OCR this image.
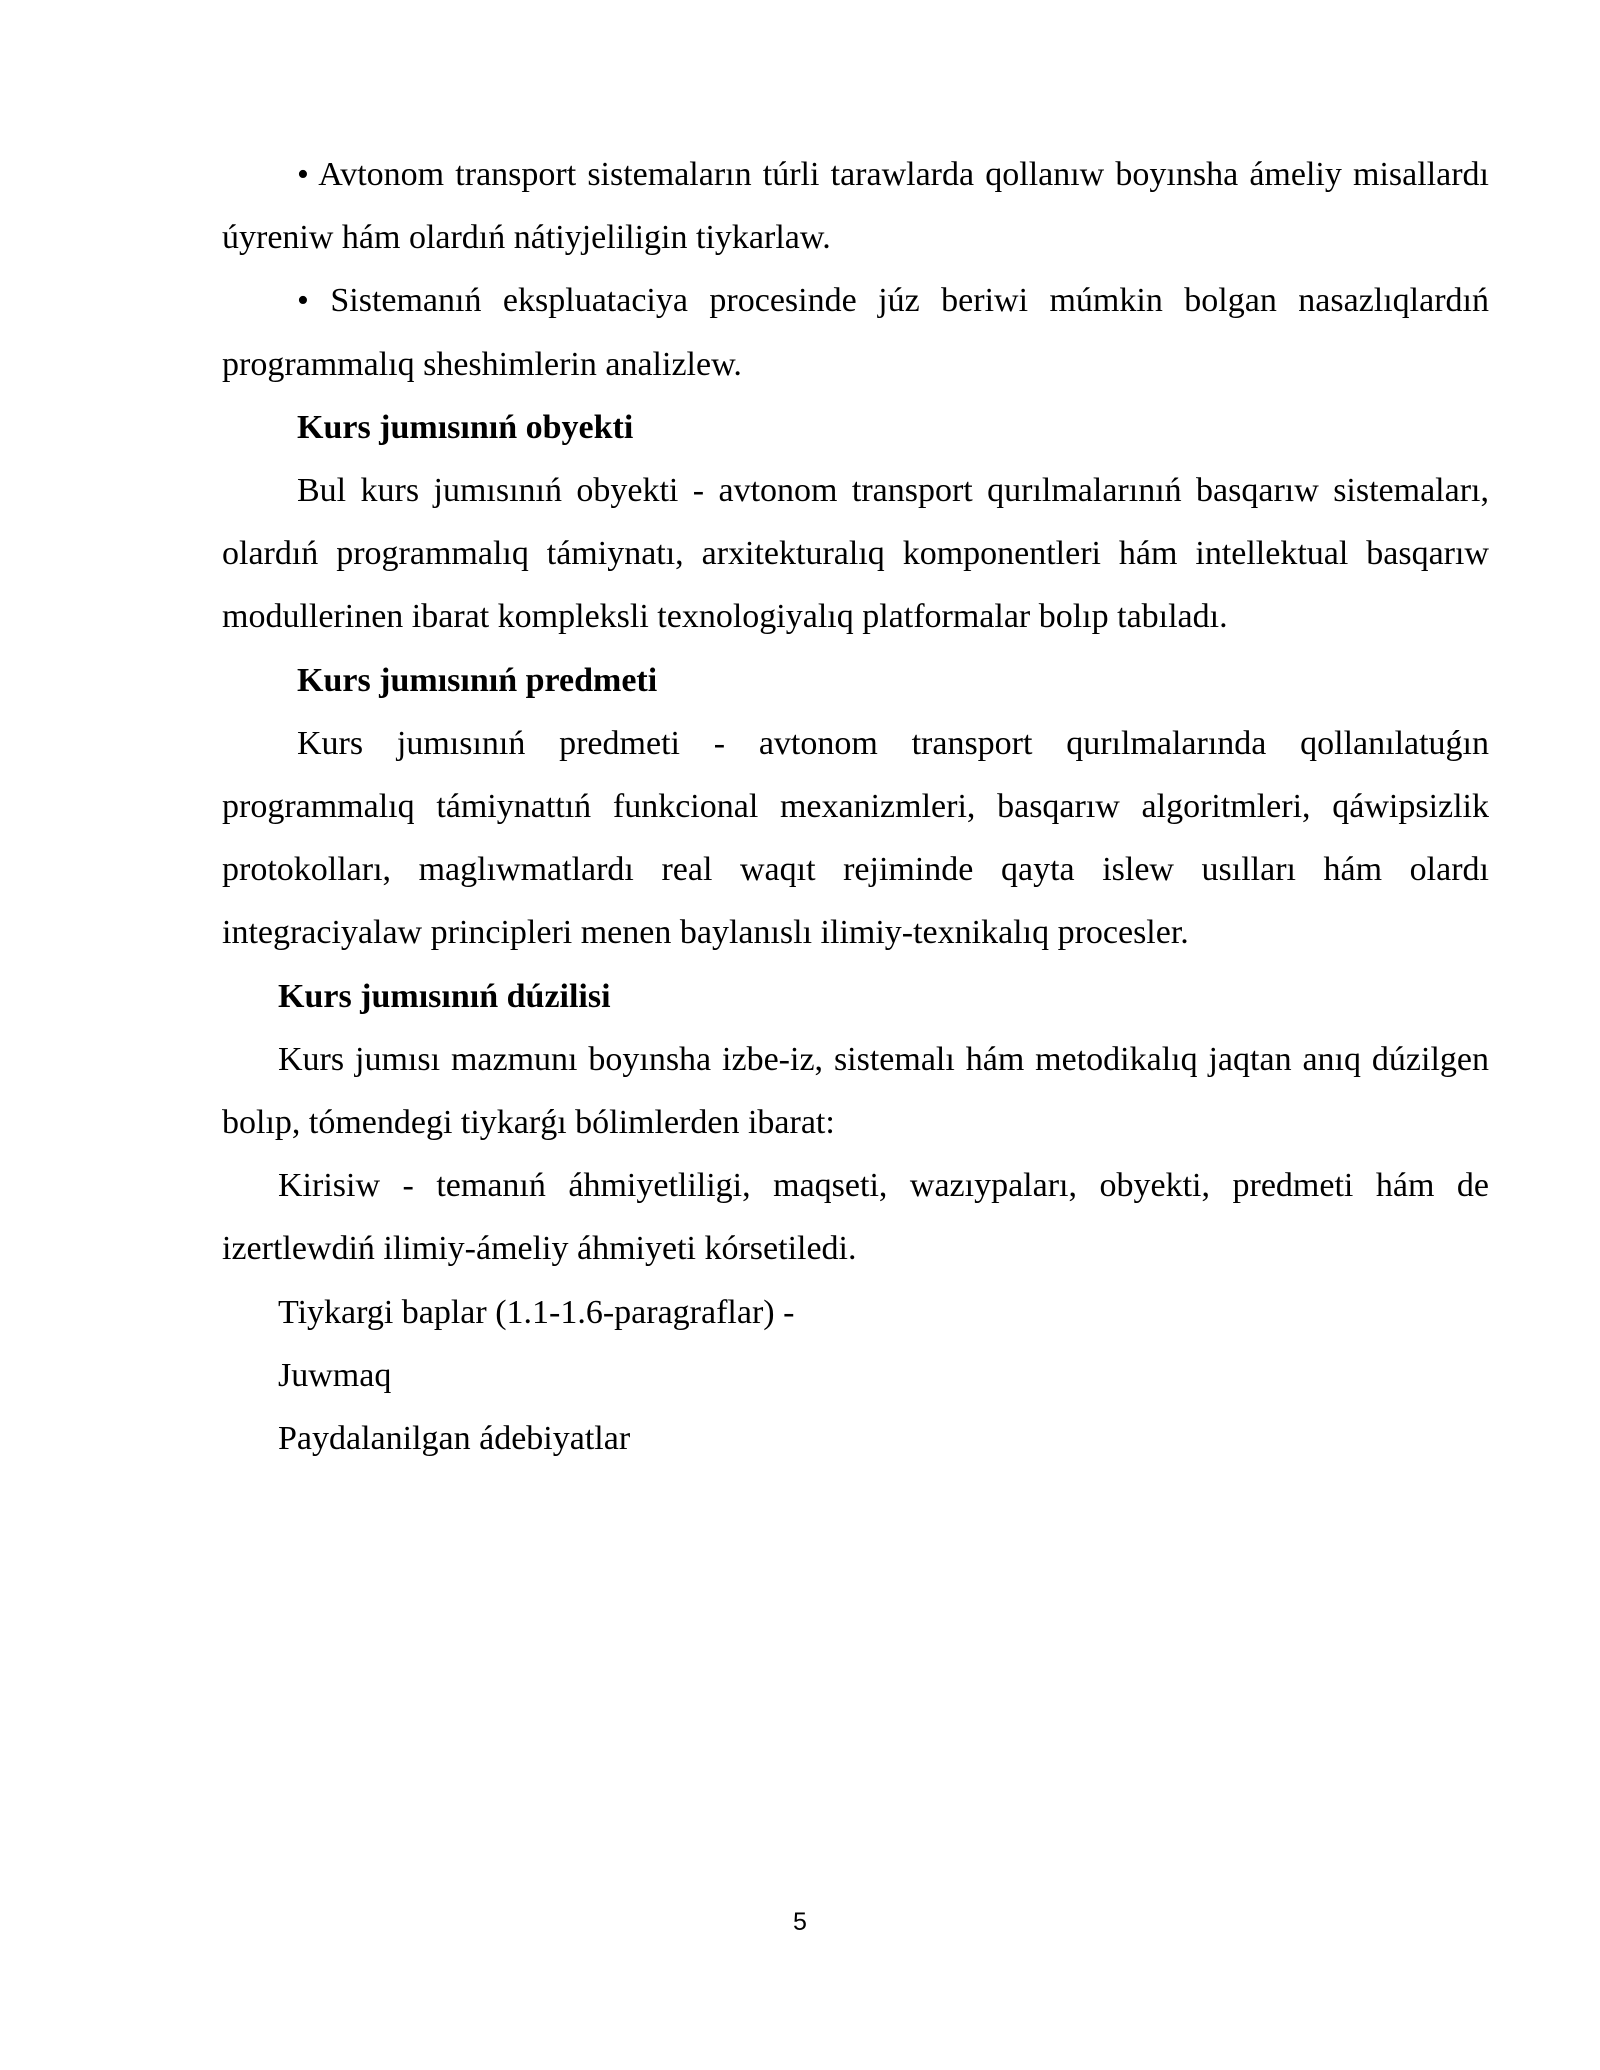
• Avtonom transport sistemaların túrli tarawlarda qollanıw boyınsha ámeliy misallardı úyreniw hám olardıń nátiyjeliligin tiykarlaw.

• Sistemanıń ekspluataciya procesinde júz beriwi múmkin bolgan nasazlıqlardıń programmalıq sheshimlerin analizlew.

Kurs jumısınıń obyekti

Bul kurs jumısınıń obyekti - avtonom transport qurılmalarınıń basqarıw sistemaları, olardıń programmalıq támiynatı, arxitekturalıq komponentleri hám intellektual basqarıw modullerinen ibarat kompleksli texnologiyalıq platformalar bolıp tabıladı.

Kurs jumısınıń predmeti

Kurs jumısınıń predmeti - avtonom transport qurılmalarında qollanılatuǵın programmalıq támiynattıń funkcional mexanizmleri, basqarıw algoritmleri, qáwipsizlik protokolları, maglıwmatlardı real waqıt rejiminde qayta islew usılları hám olardı integraciyalaw principleri menen baylanıslı ilimiy-texnikalıq procesler.

Kurs jumısınıń dúzilisi

Kurs jumısı mazmunı boyınsha izbe-iz, sistemalı hám metodikalıq jaqtan anıq dúzilgen bolıp, tómendegi tiykarǵı bólimlerden ibarat:

Kirisiw - temanıń áhmiyetliligi, maqseti, wazıypaları, obyekti, predmeti hám de izertlewdiń ilimiy-ámeliy áhmiyeti kórsetiledi.

Tiykargi baplar (1.1-1.6-paragraflar) -

Juwmaq

Paydalanilgan ádebiyatlar

5
